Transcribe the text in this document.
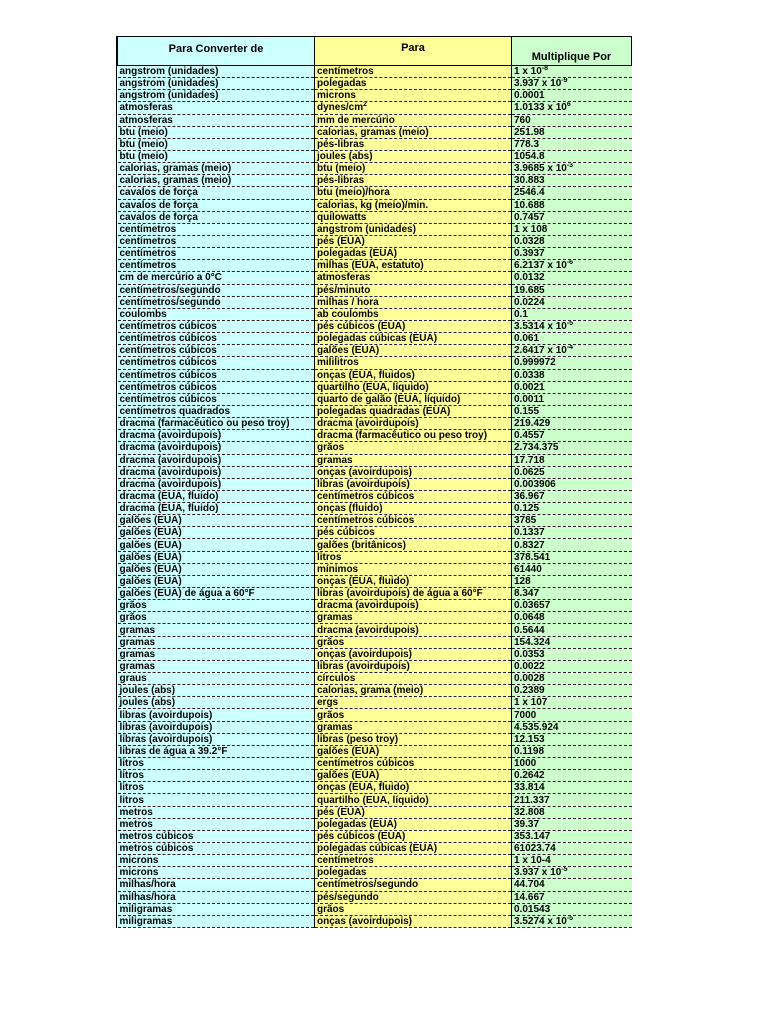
Para Converter de	Para	Multiplique Por
angstrom (unidades)	centímetros	1 x $10^{-8}$
angstrom (unidades)	polegadas	3.937 x $10^{-9}$
angstrom (unidades)	microns	0.0001
atmosferas	dynes/$cm^2$	1.0133 x $10^6$
atmosferas	mm de mercúrio	760
btu (meio)	calorias, gramas (meio)	251.98
btu (meio)	pés-libras	778.3
btu (meio)	joules (abs)	1054.8
calorias, gramas (meio)	btu (meio)	3.9685 x $10^{-3}$
calorias, gramas (meio)	pés-libras	30.883
cavalos de força	btu (meio)/hora	2546.4
cavalos de força	calorias, kg (meio)/min.	10.688
cavalos de força	quilowatts	0.7457
centímetros	angstrom (unidades)	1 x 108
centímetros	pés (EUA)	0.0328
centímetros	polegadas (EUA)	0.3937
centímetros	milhas (EUA, estatuto)	6.2137 x $10^{-6}$
cm de mercúrio a 0°C	atmosferas	0.0132
centímetros/segundo	pés/minuto	19.685
centímetros/segundo	milhas / hora	0.0224
coulombs	ab coulombs	0.1
centímetros cúbicos	pés cúbicos (EUA)	3.5314 x $10^{-5}$
centímetros cúbicos	polegadas cúbicas (EUA)	0.061
centímetros cúbicos	galões (EUA)	2.6417 x $10^{-4}$
centímetros cúbicos	mililitros	0.999972
centímetros cúbicos	onças (EUA, fluidos)	0.0338
centímetros cúbicos	quartilho (EUA, líquido)	0.0021
centímetros cúbicos	quarto de galão (EUA, líquido)	0.0011
centímetros quadrados	polegadas quadradas (EUA)	0.155
dracma (farmacêutico ou peso troy)	dracma (avoirdupois)	219.429
dracma (avoirdupois)	dracma (farmacêutico ou peso troy)	0.4557
dracma (avoirdupois)	grãos	2.734.375
dracma (avoirdupois)	gramas	17.718
dracma (avoirdupois)	onças (avoirdupois)	0.0625
dracma (avoirdupois)	libras (avoirdupois)	0.003906
dracma (EUA, fluido)	centímetros cúbicos	36.967
dracma (EUA, fluido)	onças (fluido)	0.125
galões (EUA)	centímetros cúbicos	3785
galões (EUA)	pés cúbicos	0.1337
galões (EUA)	galões (britânicos)	0.8327
galões (EUA)	litros	378.541
galões (EUA)	mínimos	61440
galões (EUA)	onças (EUA, fluido)	128
galões (EUA) de água a 60°F	libras (avoirdupois) de água a 60°F	8.347
grãos	dracma (avoirdupois)	0.03657
grãos	gramas	0.0648
gramas	dracma (avoirdupois)	0.5644
gramas	grãos	154.324
gramas	onças (avoirdupois)	0.0353
gramas	libras (avoirdupois)	0.0022
graus	círculos	0.0028
joules (abs)	calorias, grama (meio)	0.2389
joules (abs)	ergs	1 x 107
libras (avoirdupois)	grãos	7000
libras (avoirdupois)	gramas	4.535.924
libras (avoirdupois)	libras (peso troy)	12.153
libras de água a 39.2°F	galões (EUA)	0.1198
litros	centímetros cúbicos	1000
litros	galões (EUA)	0.2642
litros	onças (EUA, fluido)	33.814
litros	quartilho (EUA, líquido)	211.337
metros	pés (EUA)	32.808
metros	polegadas (EUA)	39.37
metros cúbicos	pés cúbicos (EUA)	353.147
metros cúbicos	polegadas cúbicas (EUA)	61023.74
microns	centímetros	1 x 10-4
microns	polegadas	3.937 x $10^{-5}$
milhas/hora	centímetros/segundo	44.704
milhas/hora	pés/segundo	14.667
miligramas	grãos	0.01543
miligramas	onças (avoirdupois)	3.5274 x $10^{-5}$
